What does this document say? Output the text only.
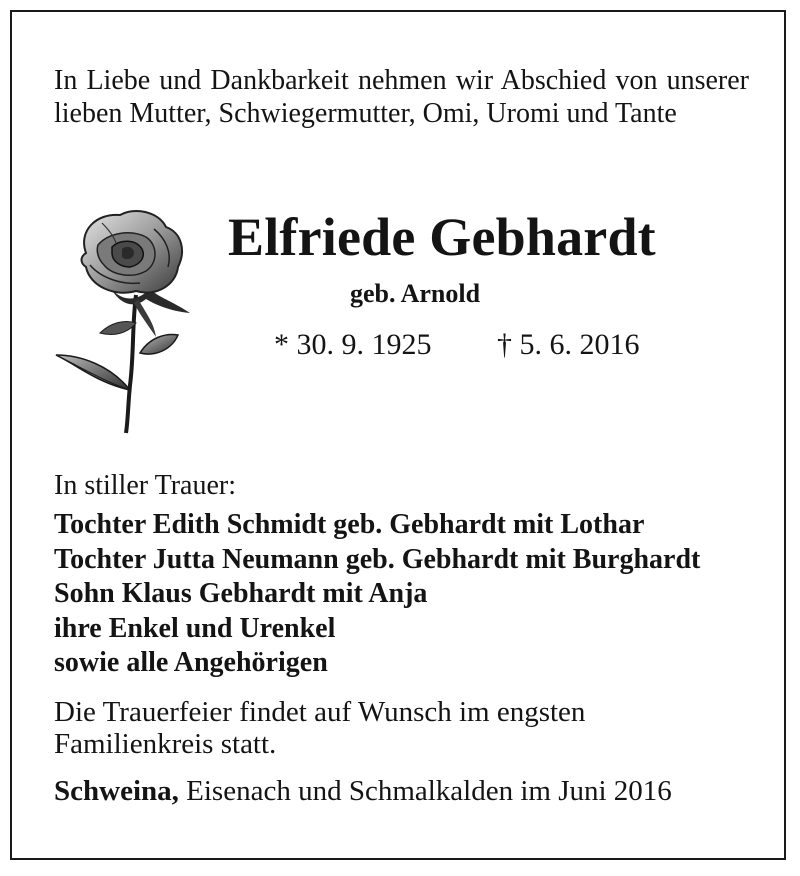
In Liebe und Dankbarkeit nehmen wir Abschied von unserer lieben Mutter, Schwiegermutter, Omi, Uromi und Tante
Elfriede Gebhardt
geb. Arnold
* 30. 9. 1925 † 5. 6. 2016
In stiller Trauer:
Tochter Edith Schmidt geb. Gebhardt mit Lothar
Tochter Jutta Neumann geb. Gebhardt mit Burghardt
Sohn Klaus Gebhardt mit Anja
ihre Enkel und Urenkel
sowie alle Angehörigen
Die Trauerfeier findet auf Wunsch im engsten Familienkreis statt.
Schweina, Eisenach und Schmalkalden im Juni 2016
